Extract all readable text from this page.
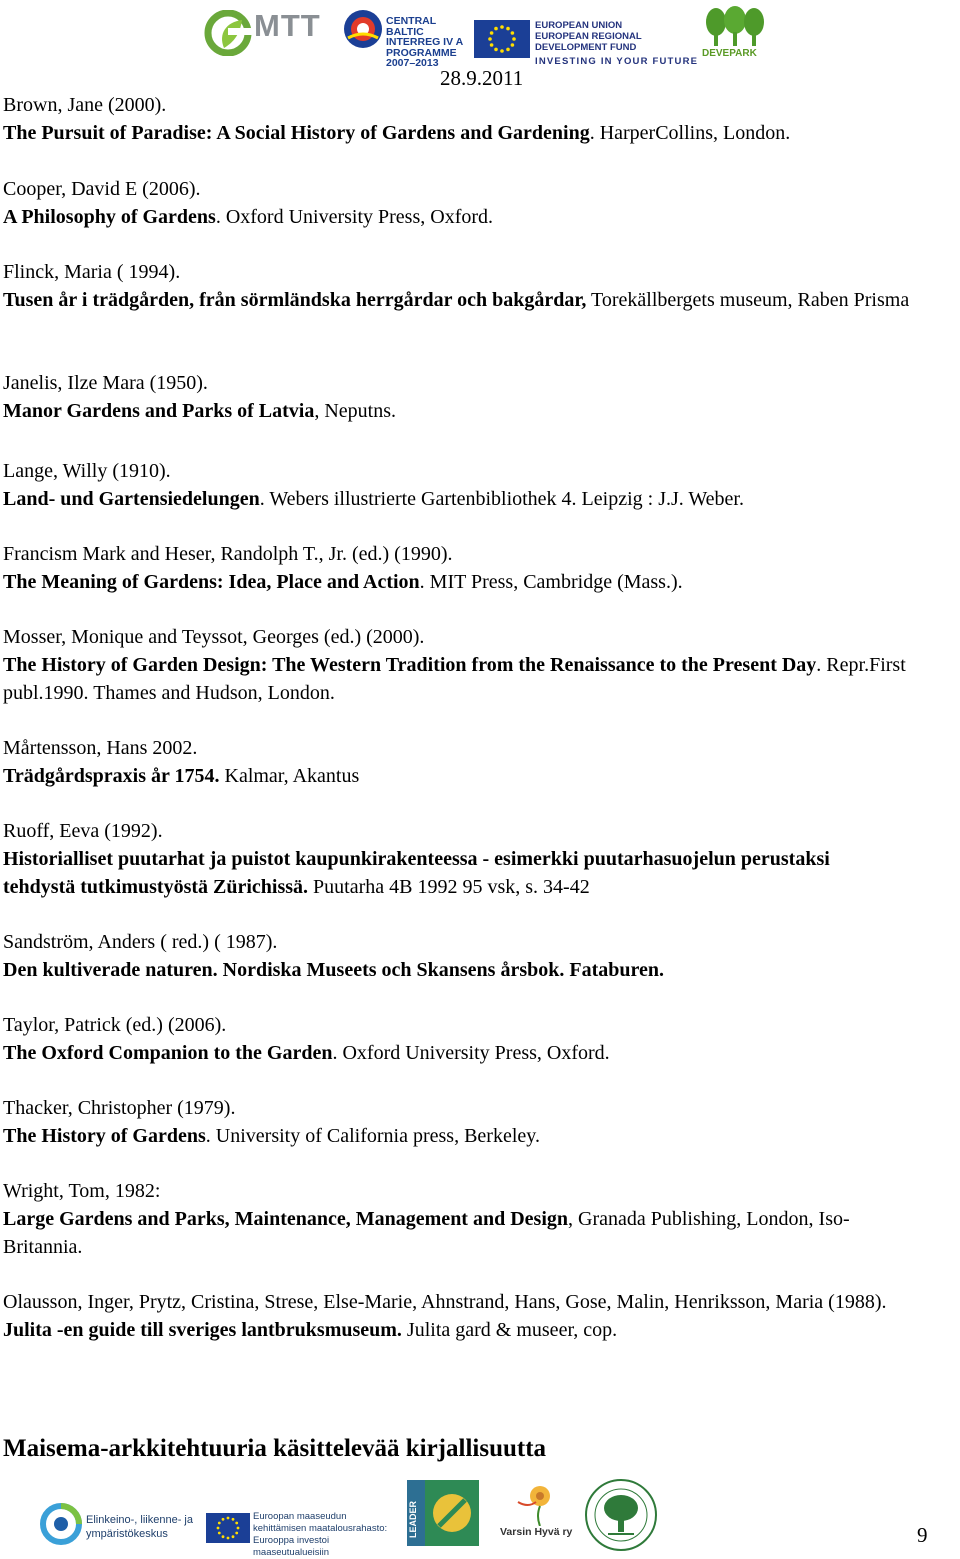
MTT	CENTRAL BALTIC
INTERREG IV A
PROGRAMME
2007–2013
EUROPEAN UNION
EUROPEAN REGIONAL DEVELOPMENT FUND
INVESTING IN YOUR FUTURE
DEVEPARK
28.9.2011

Brown, Jane (2000).

The Pursuit of Paradise: A Social History of Gardens and Gardening. HarperCollins, London.

Cooper, David E (2006).

A Philosophy of Gardens. Oxford University Press, Oxford.

Flinck, Maria ( 1994).

Tusen år i trädgården, från sörmländska herrgårdar och bakgårdar, Torekällbergets museum, Raben Prisma

Janelis, Ilze Mara (1950).

Manor Gardens and Parks of Latvia, Neputns.

Lange, Willy (1910).

Land- und Gartensiedelungen. Webers illustrierte Gartenbibliothek 4. Leipzig : J.J. Weber.

Francism Mark and Heser, Randolph T., Jr. (ed.) (1990).

The Meaning of Gardens: Idea, Place and Action. MIT Press, Cambridge (Mass.).

Mosser, Monique and Teyssot, Georges (ed.) (2000).

The History of Garden Design: The Western Tradition from the Renaissance to the Present Day. Repr.First publ.1990. Thames and Hudson, London.

Mårtensson, Hans 2002.

Trädgårdspraxis år 1754. Kalmar, Akantus

Ruoff, Eeva (1992).

Historialliset puutarhat ja puistot kaupunkirakenteessa - esimerkki puutarhasuojelun perustaksi tehdystä tutkimustyöstä Zürichissä. Puutarha 4B 1992 95 vsk, s. 34-42

Sandström, Anders ( red.) ( 1987).

Den kultiverade naturen. Nordiska Museets och Skansens årsbok. Fataburen.

Taylor, Patrick (ed.) (2006).

The Oxford Companion to the Garden. Oxford University Press, Oxford.

Thacker, Christopher (1979).

The History of Gardens. University of California press, Berkeley.

Wright, Tom, 1982:

Large Gardens and Parks, Maintenance, Management and Design, Granada Publishing, London, Iso-Britannia.

Olausson, Inger, Prytz, Cristina, Strese, Else-Marie, Ahnstrand, Hans, Gose, Malin, Henriksson, Maria (1988).

Julita -en guide till sveriges lantbruksmuseum. Julita gard & museer, cop.

Maisema-arkkitehtuuria käsittelevää kirjallisuutta
Elinkeino-, liikenne- ja
ympäristökeskus
Euroopan maaseudun
kehittämisen maatalousrahasto:
Eurooppa investoi maaseutualueisiin
LEADER	Varsin Hyvä ry	9
